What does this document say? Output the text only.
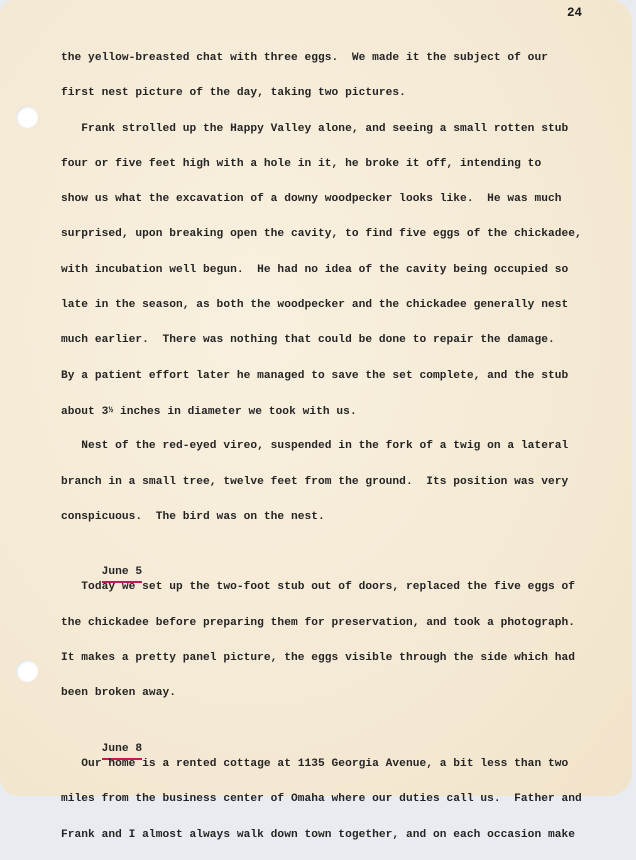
24
the yellow-breasted chat with three eggs.  We made it the subject of our
first nest picture of the day, taking two pictures.
Frank strolled up the Happy Valley alone, and seeing a small rotten stub
four or five feet high with a hole in it, he broke it off, intending to
show us what the excavation of a downy woodpecker looks like.  He was much
surprised, upon breaking open the cavity, to find five eggs of the chickadee,
with incubation well begun.  He had no idea of the cavity being occupied so
late in the season, as both the woodpecker and the chickadee generally nest
much earlier.  There was nothing that could be done to repair the damage.
By a patient effort later he managed to save the set complete, and the stub
about 3½ inches in diameter we took with us.
Nest of the red-eyed vireo, suspended in the fork of a twig on a lateral
branch in a small tree, twelve feet from the ground.  Its position was very
conspicuous.  The bird was on the nest.

June 5

Today we set up the two-foot stub out of doors, replaced the five eggs of
the chickadee before preparing them for preservation, and took a photograph.
It makes a pretty panel picture, the eggs visible through the side which had
been broken away.

June 8

Our home is a rented cottage at 1135 Georgia Avenue, a bit less than two
miles from the business center of Omaha where our duties call us.  Father and
Frank and I almost always walk down town together, and on each occasion make
